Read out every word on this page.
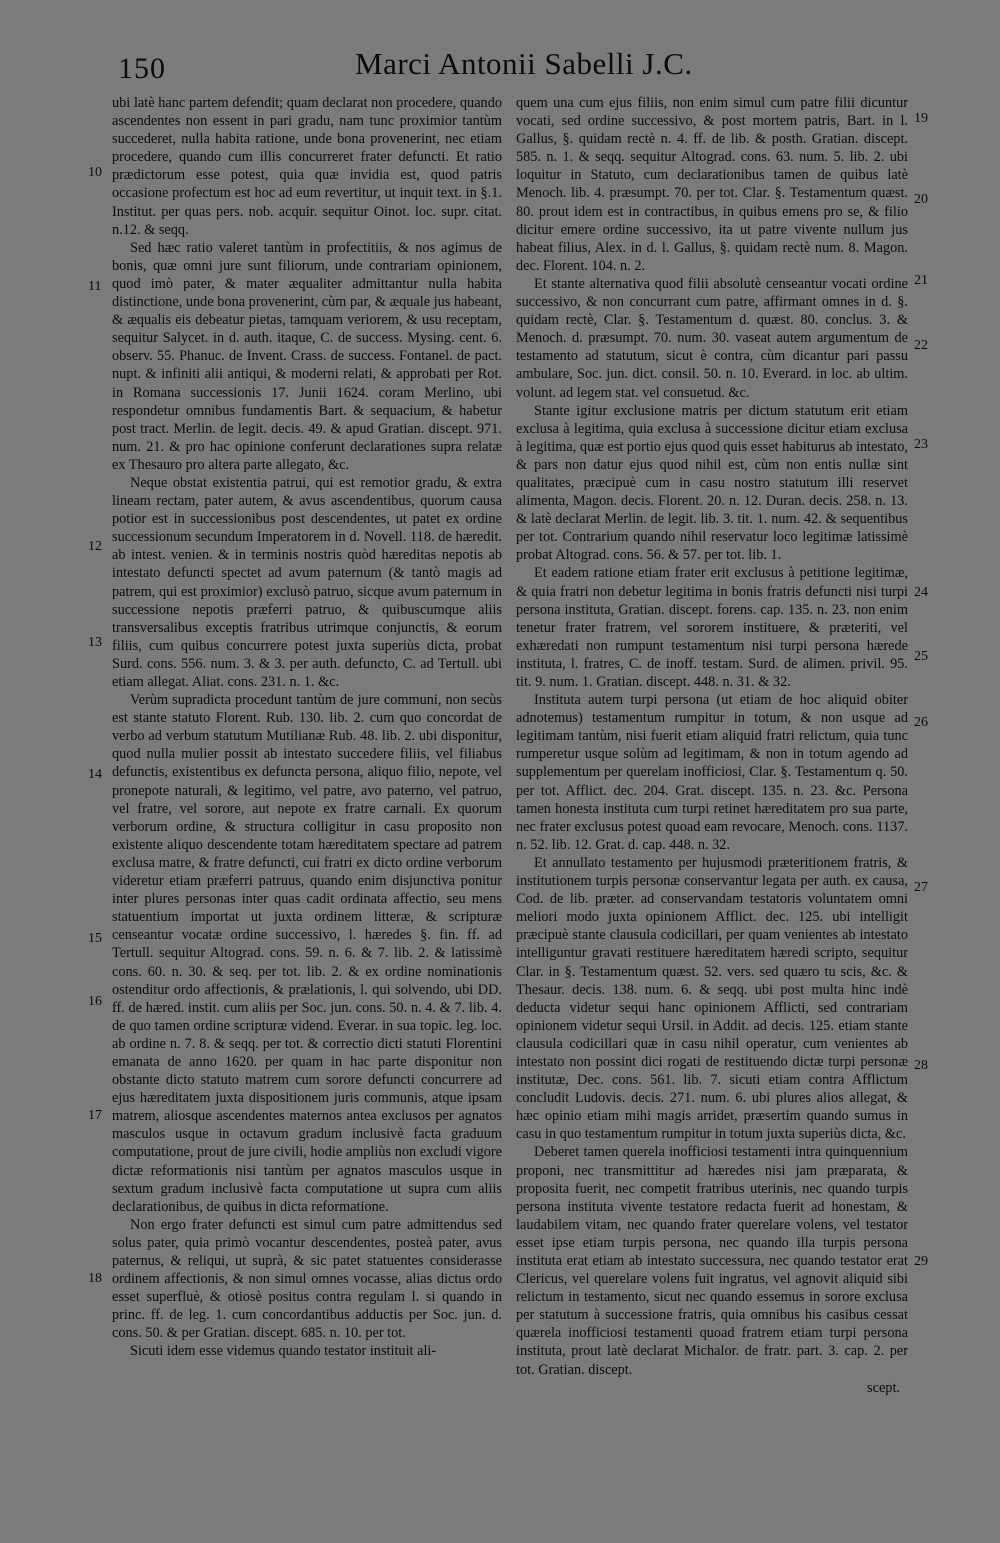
150	Marci Antonii Sabelli J.C.

ubi latè hanc partem defendit; quam declarat non procedere, quando ascendentes non essent in pari gradu, nam tunc proximior tantùm succederet, nulla habita ratione, unde bona provenerint, nec etiam procedere, quando cum illis concurreret frater defuncti. Et ratio prædictorum esse potest, quia quæ invidia est, quod patris occasione profectum est hoc ad eum revertitur, ut inquit text. in §.1. Institut. per quas pers. nob. acquir. sequitur Oinot. loc. supr. citat. n.12. & seqq.

Sed hæc ratio valeret tantùm in profectitiis, & nos agimus de bonis, quæ omni jure sunt filiorum, unde contrariam opinionem, quod imò pater, & mater æqualiter admittantur nulla habita distinctione, unde bona provenerint, cùm par, & æquale jus habeant, & æqualis eis debeatur pietas, tamquam veriorem, & usu receptam, sequitur Salycet. in d. auth. itaque, C. de success. Mysing. cent. 6. observ. 55. Phanuc. de Invent. Crass. de success. Fontanel. de pact. nupt. & infiniti alii antiqui, & moderni relati, & approbati per Rot. in Romana successionis 17. Junii 1624. coram Merlino, ubi respondetur omnibus fundamentis Bart. & sequacium, & habetur post tract. Merlin. de legit. decis. 49. & apud Gratian. discept. 971. num. 21. & pro hac opinione conferunt declarationes supra relatæ ex Thesauro pro altera parte allegato, &c.

Neque obstat existentia patrui, qui est remotior gradu, & extra lineam rectam, pater autem, & avus ascendentibus, quorum causa potior est in successionibus post descendentes, ut patet ex ordine successionum secundum Imperatorem in d. Novell. 118. de hæredit. ab intest. venien. & in terminis nostris quòd hæreditas nepotis ab intestato defuncti spectet ad avum paternum (& tantò magis ad patrem, qui est proximior) exclusò patruo, sicque avum paternum in successione nepotis præferri patruo, & quibuscumque aliis transversalibus exceptis fratribus utrimque conjunctis, & eorum filiis, cum quibus concurrere potest juxta superiùs dicta, probat Surd. cons. 556. num. 3. & 3. per auth. defuncto, C. ad Tertull. ubi etiam allegat. Aliat. cons. 231. n. 1. &c.

Verùm supradicta procedunt tantùm de jure communi, non secùs est stante statuto Florent. Rub. 130. lib. 2. cum quo concordat de verbo ad verbum statutum Mutilianæ Rub. 48. lib. 2. ubi disponitur, quod nulla mulier possit ab intestato succedere filiis, vel filiabus defunctis, existentibus ex defuncta persona, aliquo filio, nepote, vel pronepote naturali, & legitimo, vel patre, avo paterno, vel patruo, vel fratre, vel sorore, aut nepote ex fratre carnali. Ex quorum verborum ordine, & structura colligitur in casu proposito non existente aliquo descendente totam hæreditatem spectare ad patrem exclusa matre, & fratre defuncti, cui fratri ex dicto ordine verborum videretur etiam præferri patruus, quando enim disjunctiva ponitur inter plures personas inter quas cadit ordinata affectio, seu mens statuentium importat ut juxta ordinem litteræ, & scripturæ censeantur vocatæ ordine successivo, l. hæredes §. fin. ff. ad Tertull. sequitur Altograd. cons. 59. n. 6. & 7. lib. 2. & latissimè cons. 60. n. 30. & seq. per tot. lib. 2. & ex ordine nominationis ostenditur ordo affectionis, & prælationis, l. qui solvendo, ubi DD. ff. de hæred. instit. cum aliis per Soc. jun. cons. 50. n. 4. & 7. lib. 4. de quo tamen ordine scripturæ vidend. Everar. in sua topic. leg. loc. ab ordine n. 7. 8. & seqq. per tot. & correctio dicti statuti Florentini emanata de anno 1620. per quam in hac parte disponitur non obstante dicto statuto matrem cum sorore defuncti concurrere ad ejus hæreditatem juxta dispositionem juris communis, atque ipsam matrem, aliosque ascendentes maternos antea exclusos per agnatos masculos usque in octavum gradum inclusivè facta graduum computatione, prout de jure civili, hodie ampliùs non excludi vigore dictæ reformationis nisi tantùm per agnatos masculos usque in sextum gradum inclusivè facta computatione ut supra cum aliis declarationibus, de quibus in dicta reformatione.

Non ergo frater defuncti est simul cum patre admittendus sed solus pater, quia primò vocantur descendentes, posteà pater, avus paternus, & reliqui, ut suprà, & sic patet statuentes considerasse ordinem affectionis, & non simul omnes vocasse, alias dictus ordo esset superfluè, & otiosè positus contra regulam l. si quando in princ. ff. de leg. 1. cum concordantibus adductis per Soc. jun. d. cons. 50. & per Gratian. discept. 685. n. 10. per tot.

Sicuti idem esse videmus quando testator instituit ali-

quem una cum ejus filiis, non enim simul cum patre filii dicuntur vocati, sed ordine successivo, & post mortem patris, Bart. in l. Gallus, §. quidam rectè n. 4. ff. de lib. & posth. Gratian. discept. 585. n. 1. & seqq. sequitur Altograd. cons. 63. num. 5. lib. 2. ubi loquitur in Statuto, cum declarationibus tamen de quibus latè Menoch. lib. 4. præsumpt. 70. per tot. Clar. §. Testamentum quæst. 80. prout idem est in contractibus, in quibus emens pro se, & filio dicitur emere ordine successivo, ita ut patre vivente nullum jus habeat filius, Alex. in d. l. Gallus, §. quidam rectè num. 8. Magon. dec. Florent. 104. n. 2.

Et stante alternativa quod filii absolutè censeantur vocati ordine successivo, & non concurrant cum patre, affirmant omnes in d. §. quidam rectè, Clar. §. Testamentum d. quæst. 80. conclus. 3. & Menoch. d. præsumpt. 70. num. 30. vaseat autem argumentum de testamento ad statutum, sicut è contra, cùm dicantur pari passu ambulare, Soc. jun. dict. consil. 50. n. 10. Everard. in loc. ab ultim. volunt. ad legem stat. vel consuetud. &c.

Stante igitur exclusione matris per dictum statutum erit etiam exclusa à legitima, quia exclusa à successione dicitur etiam exclusa à legitima, quæ est portio ejus quod quis esset habiturus ab intestato, & pars non datur ejus quod nihil est, cùm non entis nullæ sint qualitates, præcipuè cum in casu nostro statutum illi reservet alimenta, Magon. decis. Florent. 20. n. 12. Duran. decis. 258. n. 13. & latè declarat Merlin. de legit. lib. 3. tit. 1. num. 42. & sequentibus per tot. Contrarium quando nihil reservatur loco legitimæ latissimè probat Altograd. cons. 56. & 57. per tot. lib. 1.

Et eadem ratione etiam frater erit exclusus à petitione legitimæ, & quia fratri non debetur legitima in bonis fratris defuncti nisi turpi persona instituta, Gratian. discept. forens. cap. 135. n. 23. non enim tenetur frater fratrem, vel sororem instituere, & præteriti, vel exhæredati non rumpunt testamentum nisi turpi persona hærede instituta, l. fratres, C. de inoff. testam. Surd. de alimen. privil. 95. tit. 9. num. 1. Gratian. discept. 448. n. 31. & 32.

Instituta autem turpi persona (ut etiam de hoc aliquid obiter adnotemus) testamentum rumpitur in totum, & non usque ad legitimam tantùm, nisi fuerit etiam aliquid fratri relictum, quia tunc rumperetur usque solùm ad legitimam, & non in totum agendo ad supplementum per querelam inofficiosi, Clar. §. Testamentum q. 50. per tot. Afflict. dec. 204. Grat. discept. 135. n. 23. &c. Persona tamen honesta instituta cum turpi retinet hæreditatem pro sua parte, nec frater exclusus potest quoad eam revocare, Menoch. cons. 1137. n. 52. lib. 12. Grat. d. cap. 448. n. 32.

Et annullato testamento per hujusmodi præteritionem fratris, & institutionem turpis personæ conservantur legata per auth. ex causa, Cod. de lib. præter. ad conservandam testatoris voluntatem omni meliori modo juxta opinionem Afflict. dec. 125. ubi intelligit præcipuè stante clausula codicillari, per quam venientes ab intestato intelliguntur gravati restituere hæreditatem hæredi scripto, sequitur Clar. in §. Testamentum quæst. 52. vers. sed quæro tu scis, &c. & Thesaur. decis. 138. num. 6. & seqq. ubi post multa hinc indè deducta videtur sequi hanc opinionem Afflicti, sed contrariam opinionem videtur sequi Ursil. in Addit. ad decis. 125. etiam stante clausula codicillari quæ in casu nihil operatur, cum venientes ab intestato non possint dici rogati de restituendo dictæ turpi personæ institutæ, Dec. cons. 561. lib. 7. sicuti etiam contra Afflictum concludit Ludovis. decis. 271. num. 6. ubi plures alios allegat, & hæc opinio etiam mihi magis arridet, præsertim quando sumus in casu in quo testamentum rumpitur in totum juxta superiùs dicta, &c.

Deberet tamen querela inofficiosi testamenti intra quinquennium proponi, nec transmittitur ad hæredes nisi jam præparata, & proposita fuerit, nec competit fratribus uterinis, nec quando turpis persona instituta vivente testatore redacta fuerit ad honestam, & laudabilem vitam, nec quando frater querelare volens, vel testator esset ipse etiam turpis persona, nec quando illa turpis persona instituta erat etiam ab intestato successura, nec quando testator erat Clericus, vel querelare volens fuit ingratus, vel agnovit aliquid sibi relictum in testamento, sicut nec quando essemus in sorore exclusa per statutum à successione fratris, quia omnibus his casibus cessat quærela inofficiosi testamenti quoad fratrem etiam turpi persona instituta, prout latè declarat Michalor. de fratr. part. 3. cap. 2. per tot. Gratian. discept.

scept.

10
11
12
13
14
15
16
17
18
19
20
21
22
23
24
25
26
27
28
29
